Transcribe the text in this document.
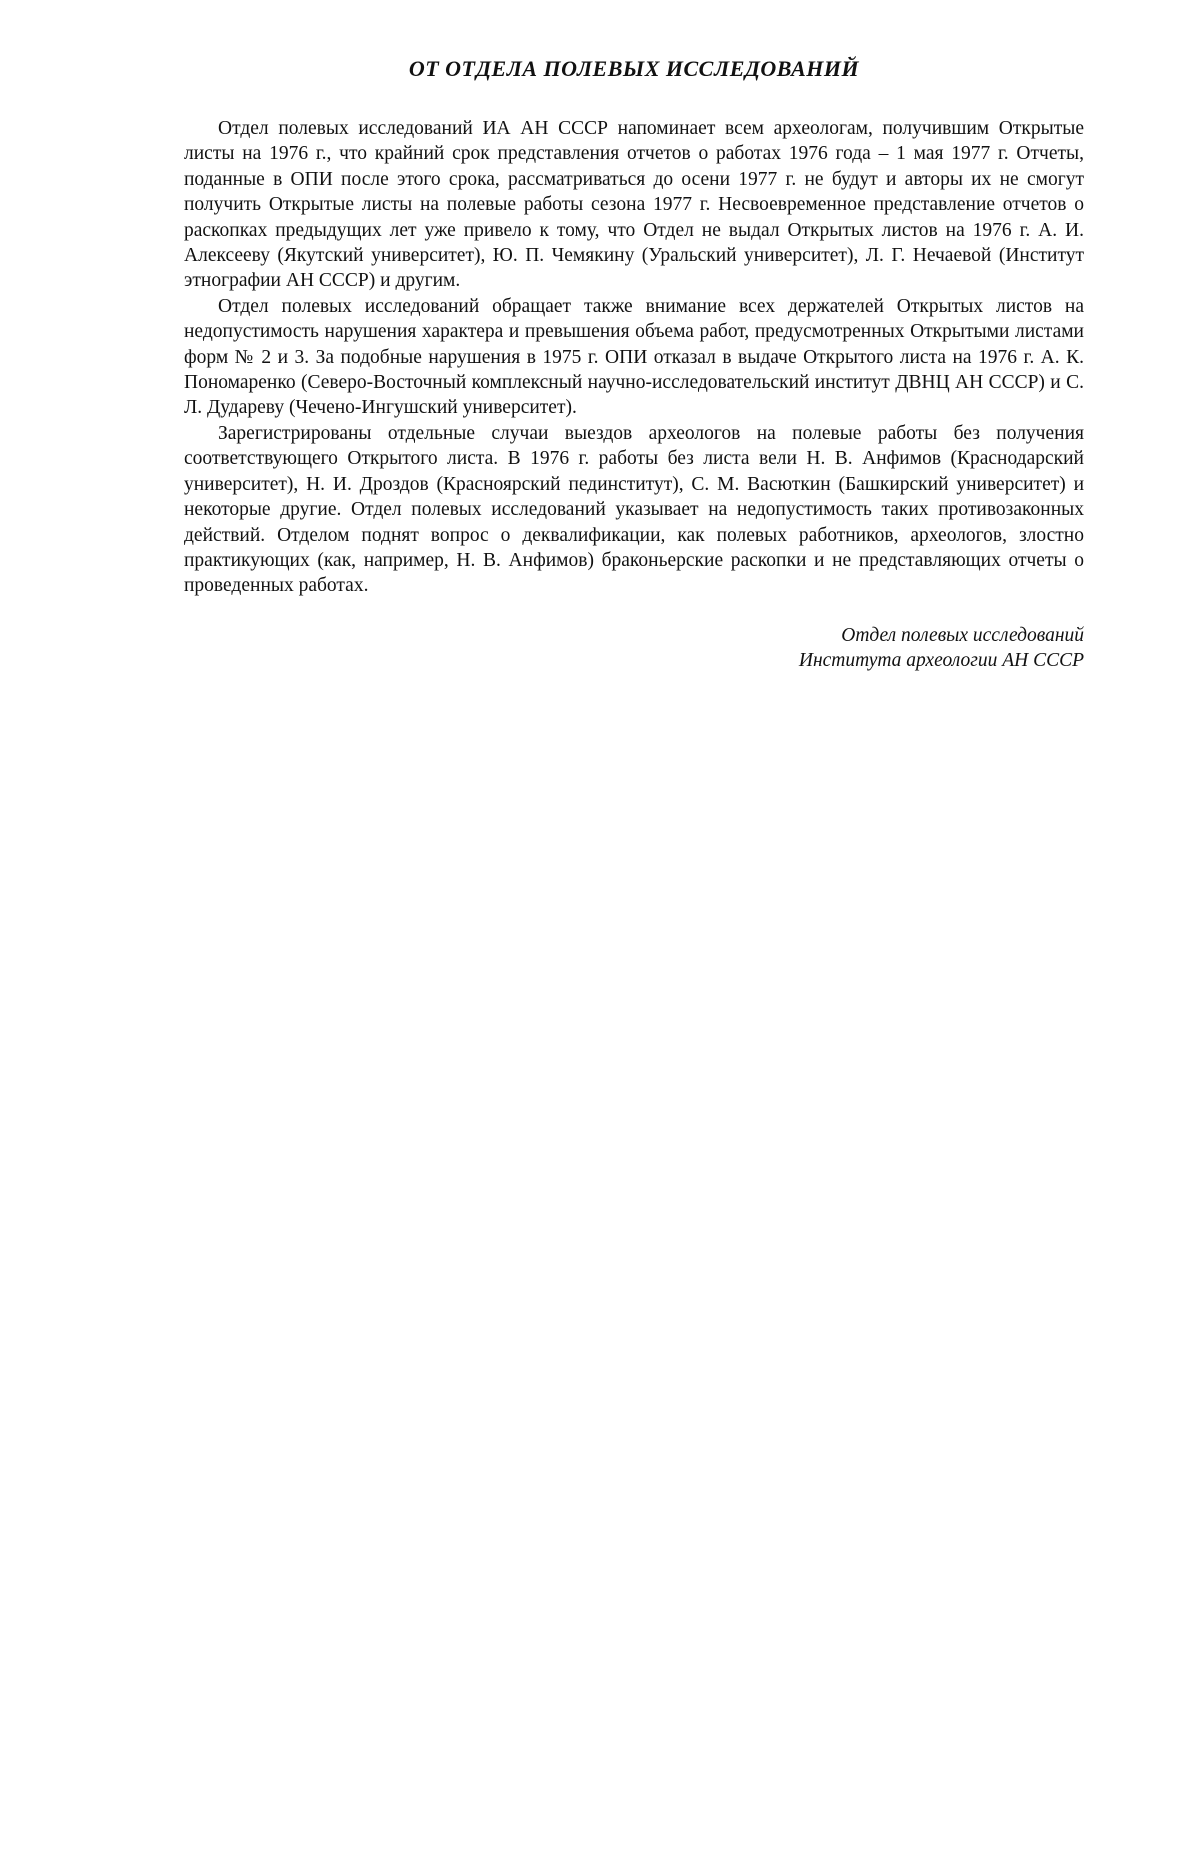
ОТ ОТДЕЛА ПОЛЕВЫХ ИССЛЕДОВАНИЙ

Отдел полевых исследований ИА АН СССР напоминает всем археологам, получившим Открытые листы на 1976 г., что крайний срок представления отчетов о работах 1976 года – 1 мая 1977 г. Отчеты, поданные в ОПИ после этого срока, рассматриваться до осени 1977 г. не будут и авторы их не смогут получить Открытые листы на полевые работы сезона 1977 г. Несвоевременное представление отчетов о раскопках предыдущих лет уже привело к тому, что Отдел не выдал Открытых листов на 1976 г. А. И. Алексееву (Якутский университет), Ю. П. Чемякину (Уральский университет), Л. Г. Нечаевой (Институт этнографии АН СССР) и другим.

Отдел полевых исследований обращает также внимание всех держателей Открытых листов на недопустимость нарушения характера и превышения объема работ, предусмотренных Открытыми листами форм № 2 и 3. За подобные нарушения в 1975 г. ОПИ отказал в выдаче Открытого листа на 1976 г. А. К. Пономаренко (Северо-Восточный комплексный научно-исследовательский институт ДВНЦ АН СССР) и С. Л. Дудареву (Чечено-Ингушский университет).

Зарегистрированы отдельные случаи выездов археологов на полевые работы без получения соответствующего Открытого листа. В 1976 г. работы без листа вели Н. В. Анфимов (Краснодарский университет), Н. И. Дроздов (Красноярский пединститут), С. М. Васюткин (Башкирский университет) и некоторые другие. Отдел полевых исследований указывает на недопустимость таких противозаконных действий. Отделом поднят вопрос о деквалификации, как полевых работников, археологов, злостно практикующих (как, например, Н. В. Анфимов) браконьерские раскопки и не представляющих отчеты о проведенных работах.

Отдел полевых исследований
Института археологии АН СССР
